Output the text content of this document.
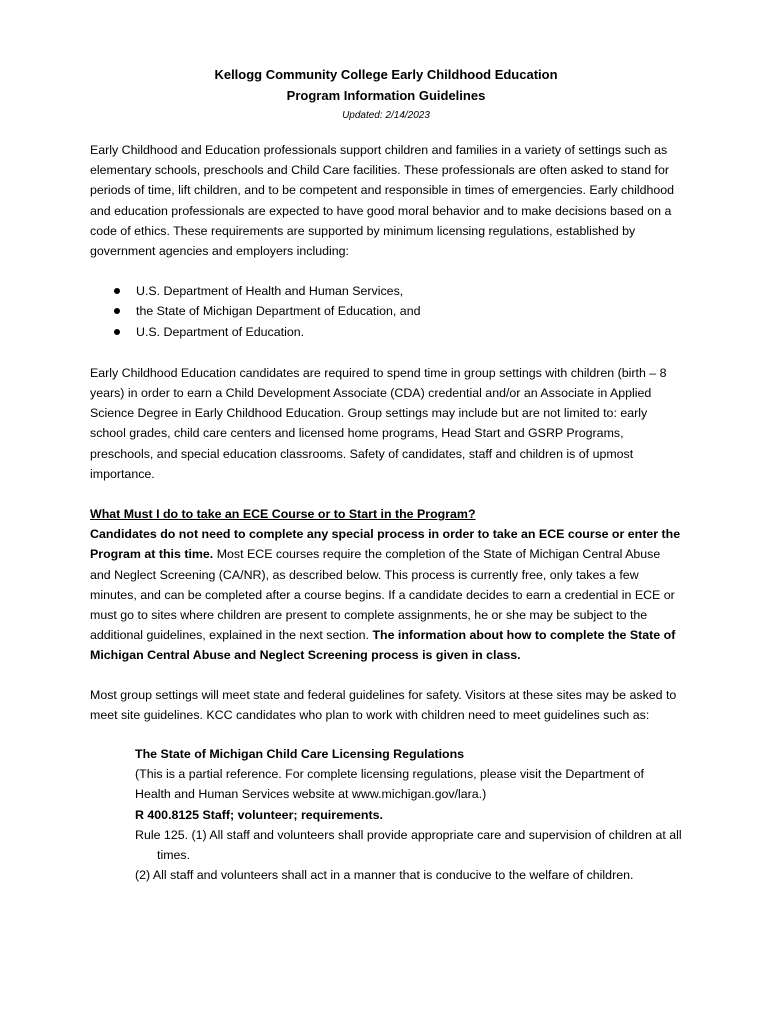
Kellogg Community College Early Childhood Education
Program Information Guidelines
Updated: 2/14/2023

Early Childhood and Education professionals support children and families in a variety of settings such as elementary schools, preschools and Child Care facilities. These professionals are often asked to stand for periods of time, lift children, and to be competent and responsible in times of emergencies. Early childhood and education professionals are expected to have good moral behavior and to make decisions based on a code of ethics. These requirements are supported by minimum licensing regulations, established by government agencies and employers including:

U.S. Department of Health and Human Services,
the State of Michigan Department of Education, and
U.S. Department of Education.

Early Childhood Education candidates are required to spend time in group settings with children (birth – 8 years) in order to earn a Child Development Associate (CDA) credential and/or an Associate in Applied Science Degree in Early Childhood Education. Group settings may include but are not limited to: early school grades, child care centers and licensed home programs, Head Start and GSRP Programs, preschools, and special education classrooms. Safety of candidates, staff and children is of upmost importance.

What Must I do to take an ECE Course or to Start in the Program?

Candidates do not need to complete any special process in order to take an ECE course or enter the Program at this time. Most ECE courses require the completion of the State of Michigan Central Abuse and Neglect Screening (CA/NR), as described below. This process is currently free, only takes a few minutes, and can be completed after a course begins. If a candidate decides to earn a credential in ECE or must go to sites where children are present to complete assignments, he or she may be subject to the additional guidelines, explained in the next section. The information about how to complete the State of Michigan Central Abuse and Neglect Screening process is given in class.

Most group settings will meet state and federal guidelines for safety. Visitors at these sites may be asked to meet site guidelines. KCC candidates who plan to work with children need to meet guidelines such as:

The State of Michigan Child Care Licensing Regulations
(This is a partial reference. For complete licensing regulations, please visit the Department of Health and Human Services website at www.michigan.gov/lara.)
R 400.8125 Staff; volunteer; requirements.
Rule 125. (1) All staff and volunteers shall provide appropriate care and supervision of children at all times.
(2) All staff and volunteers shall act in a manner that is conducive to the welfare of children.
